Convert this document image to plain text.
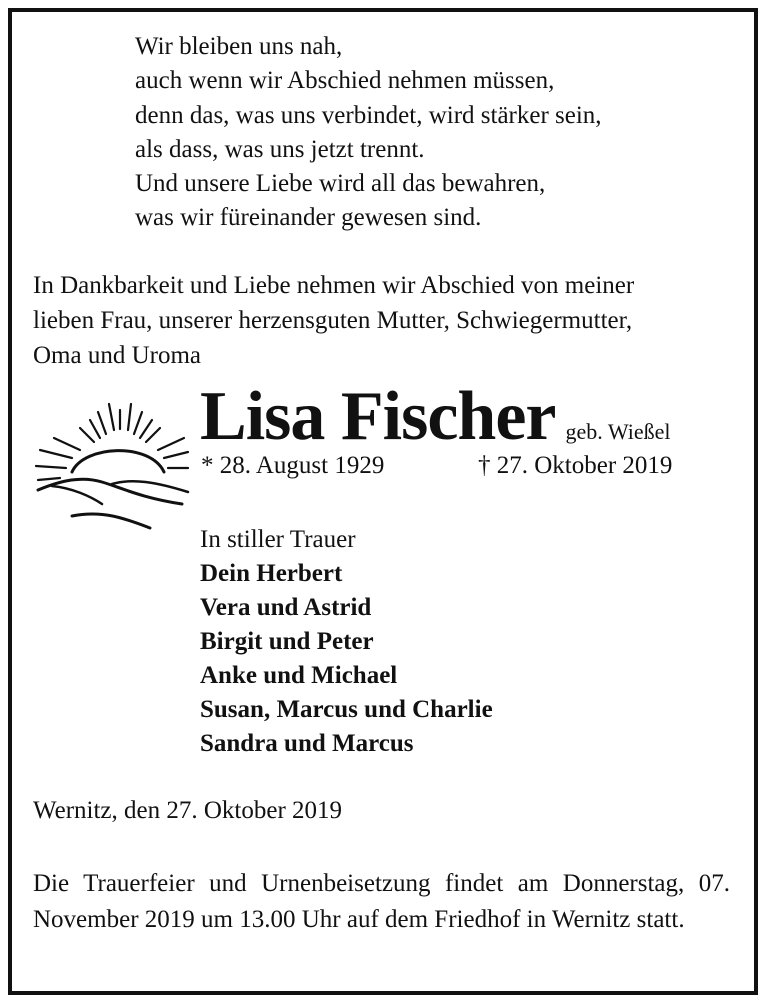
Wir bleiben uns nah,
auch wenn wir Abschied nehmen müssen,
denn das, was uns verbindet, wird stärker sein,
als dass, was uns jetzt trennt.
Und unsere Liebe wird all das bewahren,
was wir füreinander gewesen sind.
In Dankbarkeit und Liebe nehmen wir Abschied von meiner
lieben Frau, unserer herzensguten Mutter, Schwiegermutter,
Oma und Uroma
Lisa Fischer geb. Wießel
* 28. August 1929	† 27. Oktober 2019
In stiller Trauer
Dein Herbert
Vera und Astrid
Birgit und Peter
Anke und Michael
Susan, Marcus und Charlie
Sandra und Marcus
Wernitz, den 27. Oktober 2019
Die Trauerfeier und Urnenbeisetzung findet am Donnerstag, 07. November 2019 um 13.00 Uhr auf dem Friedhof in Wernitz statt.
